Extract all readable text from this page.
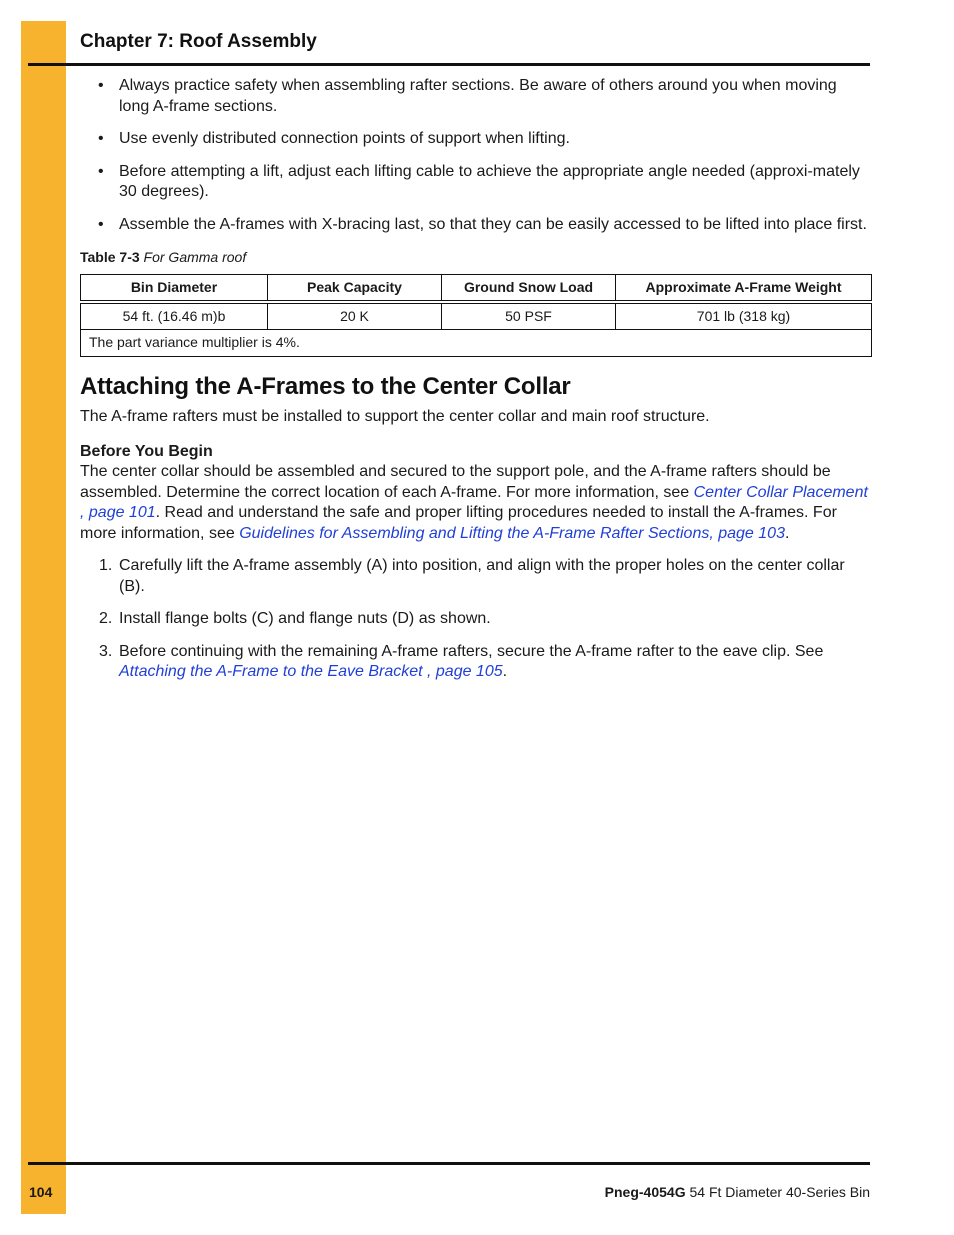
Chapter 7: Roof Assembly
• Always practice safety when assembling rafter sections. Be aware of others around you when moving long A-frame sections.
• Use evenly distributed connection points of support when lifting.
• Before attempting a lift, adjust each lifting cable to achieve the appropriate angle needed (approxi-mately 30 degrees).
• Assemble the A-frames with X-bracing last, so that they can be easily accessed to be lifted into place first.
Table 7-3 For Gamma roof
Bin Diameter	Peak Capacity	Ground Snow Load	Approximate A-Frame Weight
54 ft. (16.46 m)b	20 K	50 PSF	701 lb (318 kg)
The part variance multiplier is 4%.			
Attaching the A-Frames to the Center Collar

The A-frame rafters must be installed to support the center collar and main roof structure.

Before You Begin

The center collar should be assembled and secured to the support pole, and the A-frame rafters should be assembled. Determine the correct location of each A-frame. For more information, see Center Collar Placement , page 101. Read and understand the safe and proper lifting procedures needed to install the A-frames. For more information, see Guidelines for Assembling and Lifting the A-Frame Rafter Sections, page 103.

1. Carefully lift the A-frame assembly (A) into position, and align with the proper holes on the center collar (B).
2. Install flange bolts (C) and flange nuts (D) as shown.
3. Before continuing with the remaining A-frame rafters, secure the A-frame rafter to the eave clip. See Attaching the A-Frame to the Eave Bracket , page 105.
104	Pneg-4054G 54 Ft Diameter 40-Series Bin
